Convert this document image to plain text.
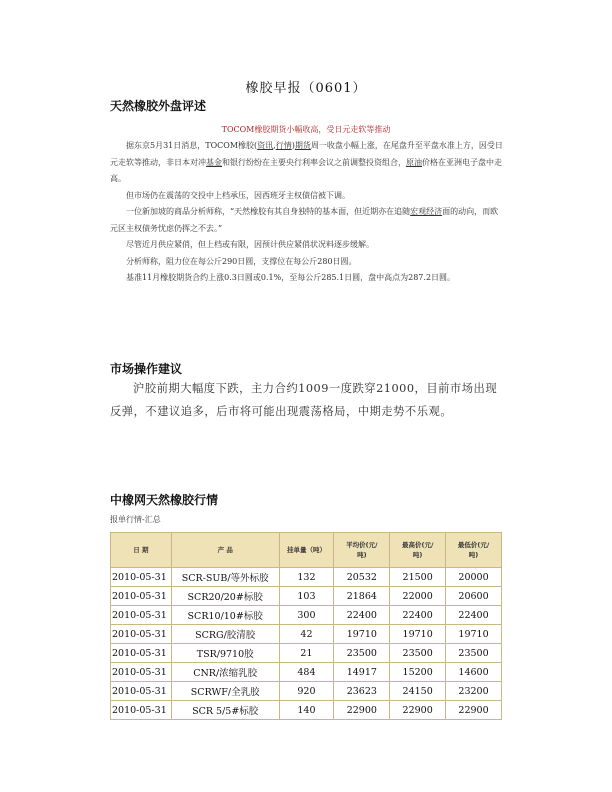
橡胶早报（0601）
天然橡胶外盘评述
TOCOM橡胶期货小幅收高，受日元走软等推动

据东京5月31日消息，TOCOM橡胶(资讯,行情)期货周一收盘小幅上涨，在尾盘升至平盘水准上方，因受日元走软等推动，非日本对冲基金和银行纷纷在主要央行利率会议之前调整投资组合，原油价格在亚洲电子盘中走高。

但市场仍在震荡的交投中上档承压，因西班牙主权债信被下调。

一位新加坡的商品分析师称，“天然橡胶有其自身独特的基本面，但近期亦在追随宏观经济面的动向，而欧元区主权债务忧虑仍挥之不去。”

尽管近月供应紧俏，但上档或有限，因预计供应紧俏状况料逐步缓解。

分析师称，阻力位在每公斤290日圆，支撑位在每公斤280日圆。

基准11月橡胶期货合约上涨0.3日圆或0.1%，至每公斤285.1日圆，盘中高点为287.2日圆。

市场操作建议

沪胶前期大幅度下跌，主力合约1009一度跌穿21000，目前市场出现反弹，不建议追多，后市将可能出现震荡格局，中期走势不乐观。

中橡网天然橡胶行情
报单行情-汇总
日 期	产 品	挂单量（吨）	平均价(元/
吨)	最高价(元/
吨)	最低价(元/
吨)
2010-05-31	SCR-SUB/等外标胶	132	20532	21500	20000
2010-05-31	SCR20/20#标胶	103	21864	22000	20600
2010-05-31	SCR10/10#标胶	300	22400	22400	22400
2010-05-31	SCRG/胶清胶	42	19710	19710	19710
2010-05-31	TSR/9710胶	21	23500	23500	23500
2010-05-31	CNR/浓缩乳胶	484	14917	15200	14600
2010-05-31	SCRWF/全乳胶	920	23623	24150	23200
2010-05-31	SCR 5/5#标胶	140	22900	22900	22900
